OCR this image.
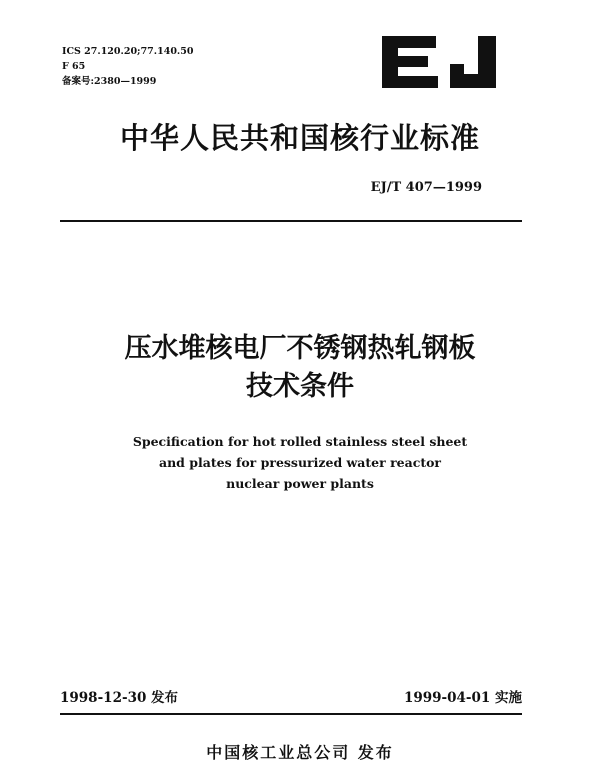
ICS 27.120.20;77.140.50
F 65
备案号:2380—1999
中华人民共和国核行业标准
EJ/T 407—1999
压水堆核电厂不锈钢热轧钢板
技术条件
Specification for hot rolled stainless steel sheet
and plates for pressurized water reactor
nuclear power plants
1998-12-30 发布	1999-04-01 实施
中国核工业总公司 发布
